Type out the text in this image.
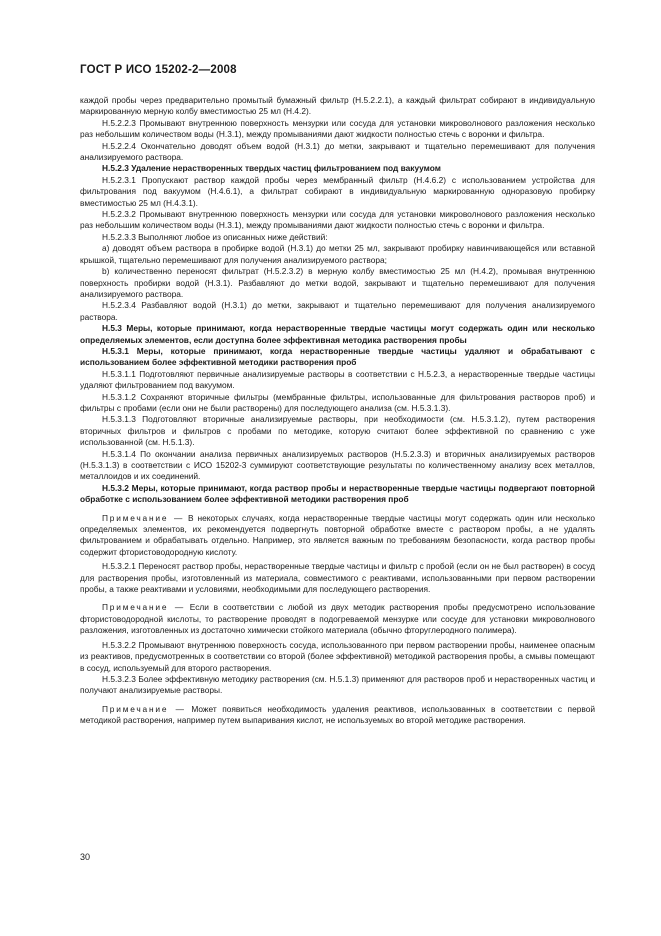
ГОСТ Р ИСО 15202-2—2008

каждой пробы через предварительно промытый бумажный фильтр (Н.5.2.2.1), а каждый фильтрат собирают в индивидуальную маркированную мерную колбу вместимостью 25 мл (Н.4.2).

Н.5.2.2.3 Промывают внутреннюю поверхность мензурки или сосуда для установки микроволнового разложения несколько раз небольшим количеством воды (Н.3.1), между промываниями дают жидкости полностью стечь с воронки и фильтра.

Н.5.2.2.4 Окончательно доводят объем водой (Н.3.1) до метки, закрывают и тщательно перемешивают для получения анализируемого раствора.

Н.5.2.3 Удаление нерастворенных твердых частиц фильтрованием под вакуумом

Н.5.2.3.1 Пропускают раствор каждой пробы через мембранный фильтр (Н.4.6.2) с использованием устройства для фильтрования под вакуумом (Н.4.6.1), а фильтрат собирают в индивидуальную маркированную одноразовую пробирку вместимостью 25 мл (Н.4.3.1).

Н.5.2.3.2 Промывают внутреннюю поверхность мензурки или сосуда для установки микроволнового разложения несколько раз небольшим количеством воды (Н.3.1), между промываниями дают жидкости полностью стечь с воронки и фильтра.

Н.5.2.3.3 Выполняют любое из описанных ниже действий:

a) доводят объем раствора в пробирке водой (Н.3.1) до метки 25 мл, закрывают пробирку навинчивающейся или вставной крышкой, тщательно перемешивают для получения анализируемого раствора;

b) количественно переносят фильтрат (Н.5.2.3.2) в мерную колбу вместимостью 25 мл (Н.4.2), промывая внутреннюю поверхность пробирки водой (Н.3.1). Разбавляют до метки водой, закрывают и тщательно перемешивают для получения анализируемого раствора.

Н.5.2.3.4 Разбавляют водой (Н.3.1) до метки, закрывают и тщательно перемешивают для получения анализируемого раствора.

Н.5.3 Меры, которые принимают, когда нерастворенные твердые частицы могут содержать один или несколько определяемых элементов, если доступна более эффективная методика растворения пробы

Н.5.3.1 Меры, которые принимают, когда нерастворенные твердые частицы удаляют и обрабатывают с использованием более эффективной методики растворения проб

Н.5.3.1.1 Подготовляют первичные анализируемые растворы в соответствии с Н.5.2.3, а нерастворенные твердые частицы удаляют фильтрованием под вакуумом.

Н.5.3.1.2 Сохраняют вторичные фильтры (мембранные фильтры, использованные для фильтрования растворов проб) и фильтры с пробами (если они не были растворены) для последующего анализа (см. Н.5.3.1.3).

Н.5.3.1.3 Подготовляют вторичные анализируемые растворы, при необходимости (см. Н.5.3.1.2), путем растворения вторичных фильтров и фильтров с пробами по методике, которую считают более эффективной по сравнению с уже использованной (см. Н.5.1.3).

Н.5.3.1.4 По окончании анализа первичных анализируемых растворов (Н.5.2.3.3) и вторичных анализируемых растворов (Н.5.3.1.3) в соответствии с ИСО 15202-3 суммируют соответствующие результаты по количественному анализу всех металлов, металлоидов и их соединений.

Н.5.3.2 Меры, которые принимают, когда раствор пробы и нерастворенные твердые частицы подвергают повторной обработке с использованием более эффективной методики растворения проб

Примечание — В некоторых случаях, когда нерастворенные твердые частицы могут содержать один или несколько определяемых элементов, их рекомендуется подвергнуть повторной обработке вместе с раствором пробы, а не удалять фильтрованием и обрабатывать отдельно. Например, это является важным по требованиям безопасности, когда раствор пробы содержит фтористоводородную кислоту.

Н.5.3.2.1 Переносят раствор пробы, нерастворенные твердые частицы и фильтр с пробой (если он не был растворен) в сосуд для растворения пробы, изготовленный из материала, совместимого с реактивами, использованными при первом растворении пробы, а также реактивами и условиями, необходимыми для последующего растворения.

Примечание — Если в соответствии с любой из двух методик растворения пробы предусмотрено использование фтористоводородной кислоты, то растворение проводят в подогреваемой мензурке или сосуде для установки микроволнового разложения, изготовленных из достаточно химически стойкого материала (обычно фторуглеродного полимера).

Н.5.3.2.2 Промывают внутреннюю поверхность сосуда, использованного при первом растворении пробы, наименее опасным из реактивов, предусмотренных в соответствии со второй (более эффективной) методикой растворения пробы, а смывы помещают в сосуд, используемый для второго растворения.

Н.5.3.2.3 Более эффективную методику растворения (см. Н.5.1.3) применяют для растворов проб и нерастворенных частиц и получают анализируемые растворы.

Примечание — Может появиться необходимость удаления реактивов, использованных в соответствии с первой методикой растворения, например путем выпаривания кислот, не используемых во второй методике растворения.

30
